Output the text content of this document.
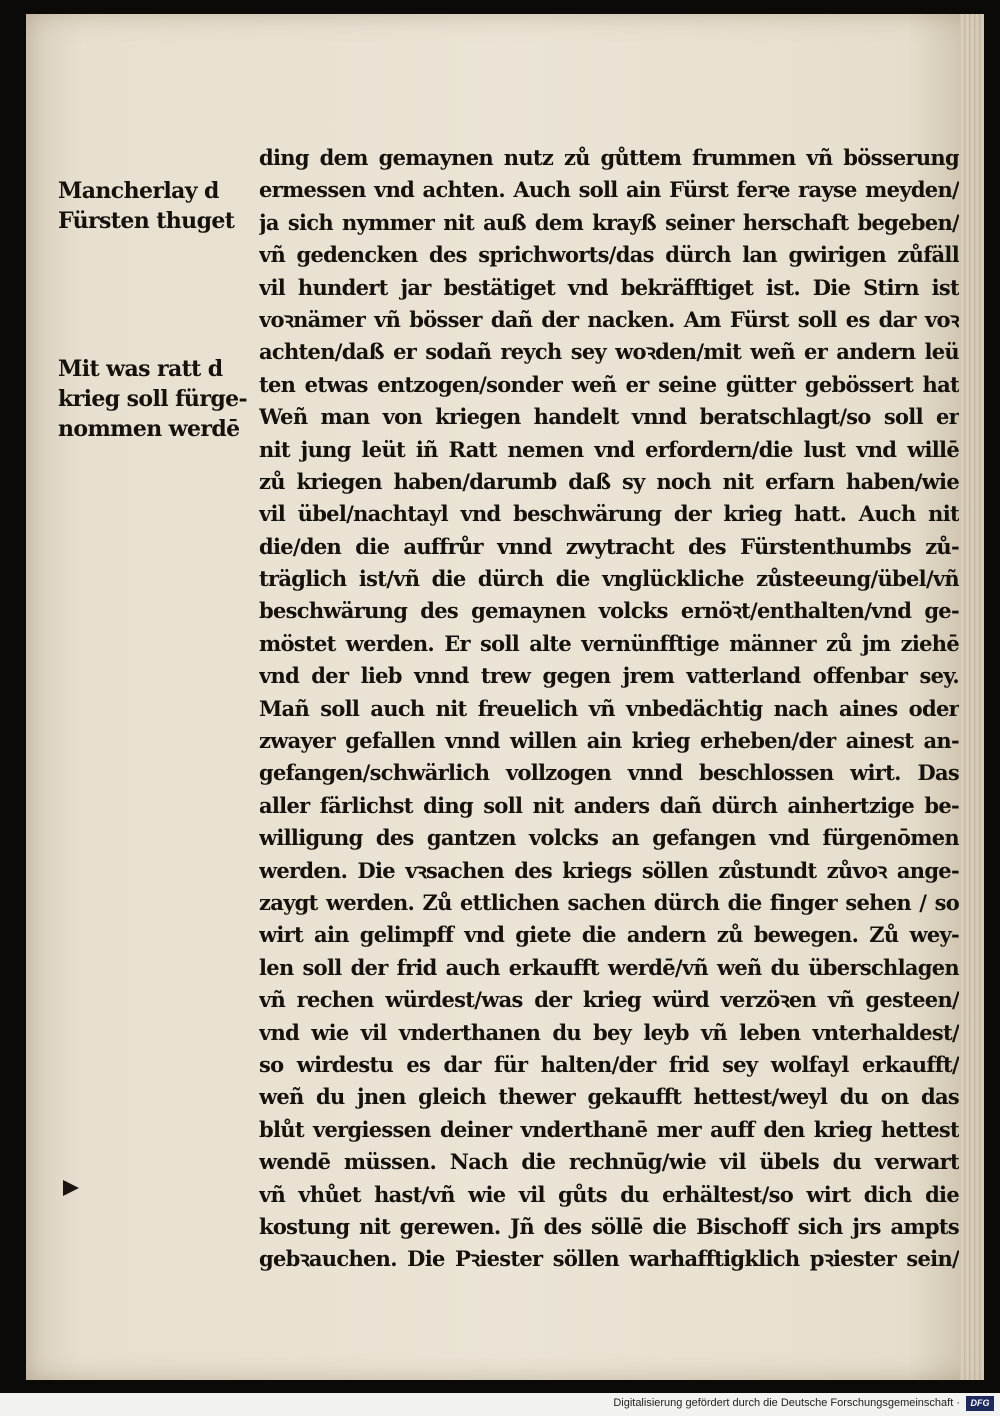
Mancherlay d
Fürsten thuget
Mit was ratt d
krieg soll fürge-
nommen werdē
ding dem gemaynen nutz zů gůttem frummen vñ bösserung
ermessen vnd achten. Auch soll ain Fürst ferꝛe rayse meyden/
ja sich nymmer nit auß dem krayß seiner herschaft begeben/
vñ gedencken des sprichworts/das dürch lan gwirigen zůfäll
vil hundert jar bestätiget vnd bekräfftiget ist. Die Stirn ist
voꝛnämer vñ bösser dañ der nacken. Am Fürst soll es dar voꝛ
achten/daß er sodañ reych sey woꝛden/mit weñ er andern leü
ten etwas entzogen/sonder weñ er seine gütter gebössert hat
Weñ man von kriegen handelt vnnd beratschlagt/so soll er
nit jung leüt iñ Ratt nemen vnd erfordern/die lust vnd willē
zů kriegen haben/darumb daß sy noch nit erfarn haben/wie
vil übel/nachtayl vnd beschwärung der krieg hatt. Auch nit
die/den die auffrůr vnnd zwytracht des Fürstenthumbs zů-
träglich ist/vñ die dürch die vnglückliche zůsteeung/übel/vñ
beschwärung des gemaynen volcks ernöꝛt/enthalten/vnd ge-
möstet werden. Er soll alte vernünfftige männer zů jm ziehē
vnd der lieb vnnd trew gegen jrem vatterland offenbar sey.
Mañ soll auch nit freuelich vñ vnbedächtig nach aines oder
zwayer gefallen vnnd willen ain krieg erheben/der ainest an-
gefangen/schwärlich vollzogen vnnd beschlossen wirt. Das
aller färlichst ding soll nit anders dañ dürch ainhertzige be-
willigung des gantzen volcks an gefangen vnd fürgenōmen
werden. Die vꝛsachen des kriegs söllen zůstundt zůvoꝛ ange-
zaygt werden. Zů ettlichen sachen dürch die finger sehen / so
wirt ain gelimpff vnd giete die andern zů bewegen. Zů wey-
len soll der frid auch erkaufft werdē/vñ weñ du überschlagen
vñ rechen würdest/was der krieg würd verzöꝛen vñ gesteen/
vnd wie vil vnderthanen du bey leyb vñ leben vnterhaldest/
so wirdestu es dar für halten/der frid sey wolfayl erkaufft/
weñ du jnen gleich thewer gekaufft hettest/weyl du on das
blůt vergiessen deiner vnderthanē mer auff den krieg hettest
wendē müssen. Nach die rechnūg/wie vil übels du verwart
vñ vhůet hast/vñ wie vil gůts du erhältest/so wirt dich die
kostung nit gerewen. Jñ des söllē die Bischoff sich jrs ampts
gebꝛauchen. Die Pꝛiester söllen warhafftigklich pꝛiester sein/
Digitalisierung gefördert durch die Deutsche Forschungsgemeinschaft ·	DFG
